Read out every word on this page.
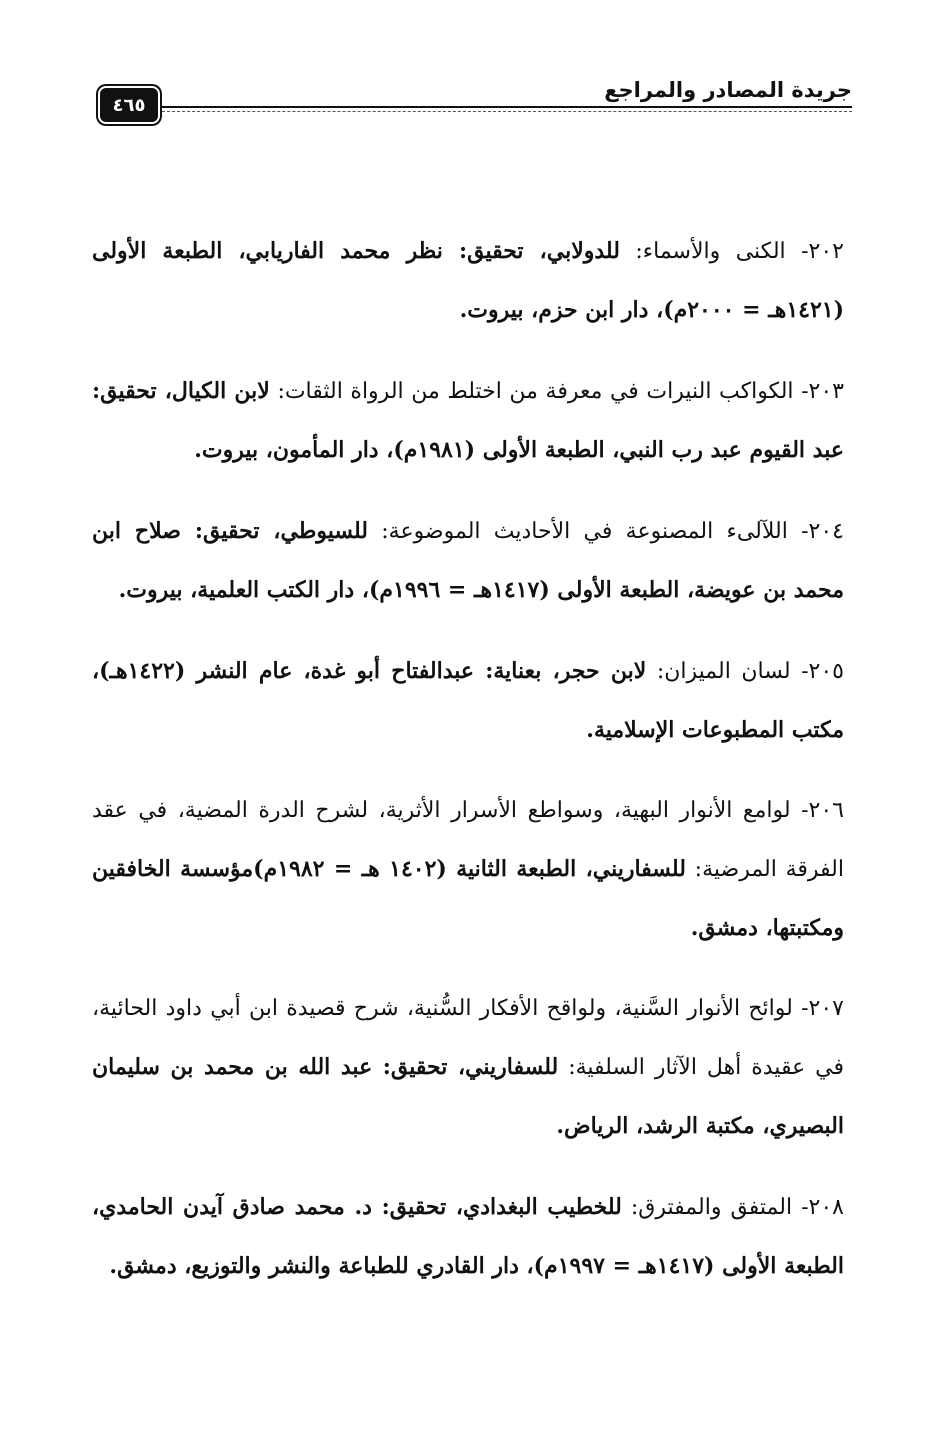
جريدة المصادر والمراجع
٤٦٥

٢٠٢- الكنى والأسماء: للدولابي، تحقيق: نظر محمد الفاريابي، الطبعة الأولى (١٤٢١هـ = ٢٠٠٠م)، دار ابن حزم، بيروت.

٢٠٣- الكواكب النيرات في معرفة من اختلط من الرواة الثقات: لابن الكيال، تحقيق: عبد القيوم عبد رب النبي، الطبعة الأولى (١٩٨١م)، دار المأمون، بيروت.

٢٠٤- اللآلىء المصنوعة في الأحاديث الموضوعة: للسيوطي، تحقيق: صلاح ابن محمد بن عويضة، الطبعة الأولى (١٤١٧هـ = ١٩٩٦م)، دار الكتب العلمية، بيروت.

٢٠٥- لسان الميزان: لابن حجر، بعناية: عبدالفتاح أبو غدة، عام النشر (١٤٢٢هـ)، مكتب المطبوعات الإسلامية.

٢٠٦- لوامع الأنوار البهية، وسواطع الأسرار الأثرية، لشرح الدرة المضية، في عقد الفرقة المرضية: للسفاريني، الطبعة الثانية (١٤٠٢ هـ = ١٩٨٢م)مؤسسة الخافقين ومكتبتها، دمشق.

٢٠٧- لوائح الأنوار السَّنية، ولواقح الأفكار السُّنية، شرح قصيدة ابن أبي داود الحائية، في عقيدة أهل الآثار السلفية: للسفاريني، تحقيق: عبد الله بن محمد بن سليمان البصيري، مكتبة الرشد، الرياض.

٢٠٨- المتفق والمفترق: للخطيب البغدادي، تحقيق: د. محمد صادق آيدن الحامدي، الطبعة الأولى (١٤١٧هـ = ١٩٩٧م)، دار القادري للطباعة والنشر والتوزيع، دمشق.
